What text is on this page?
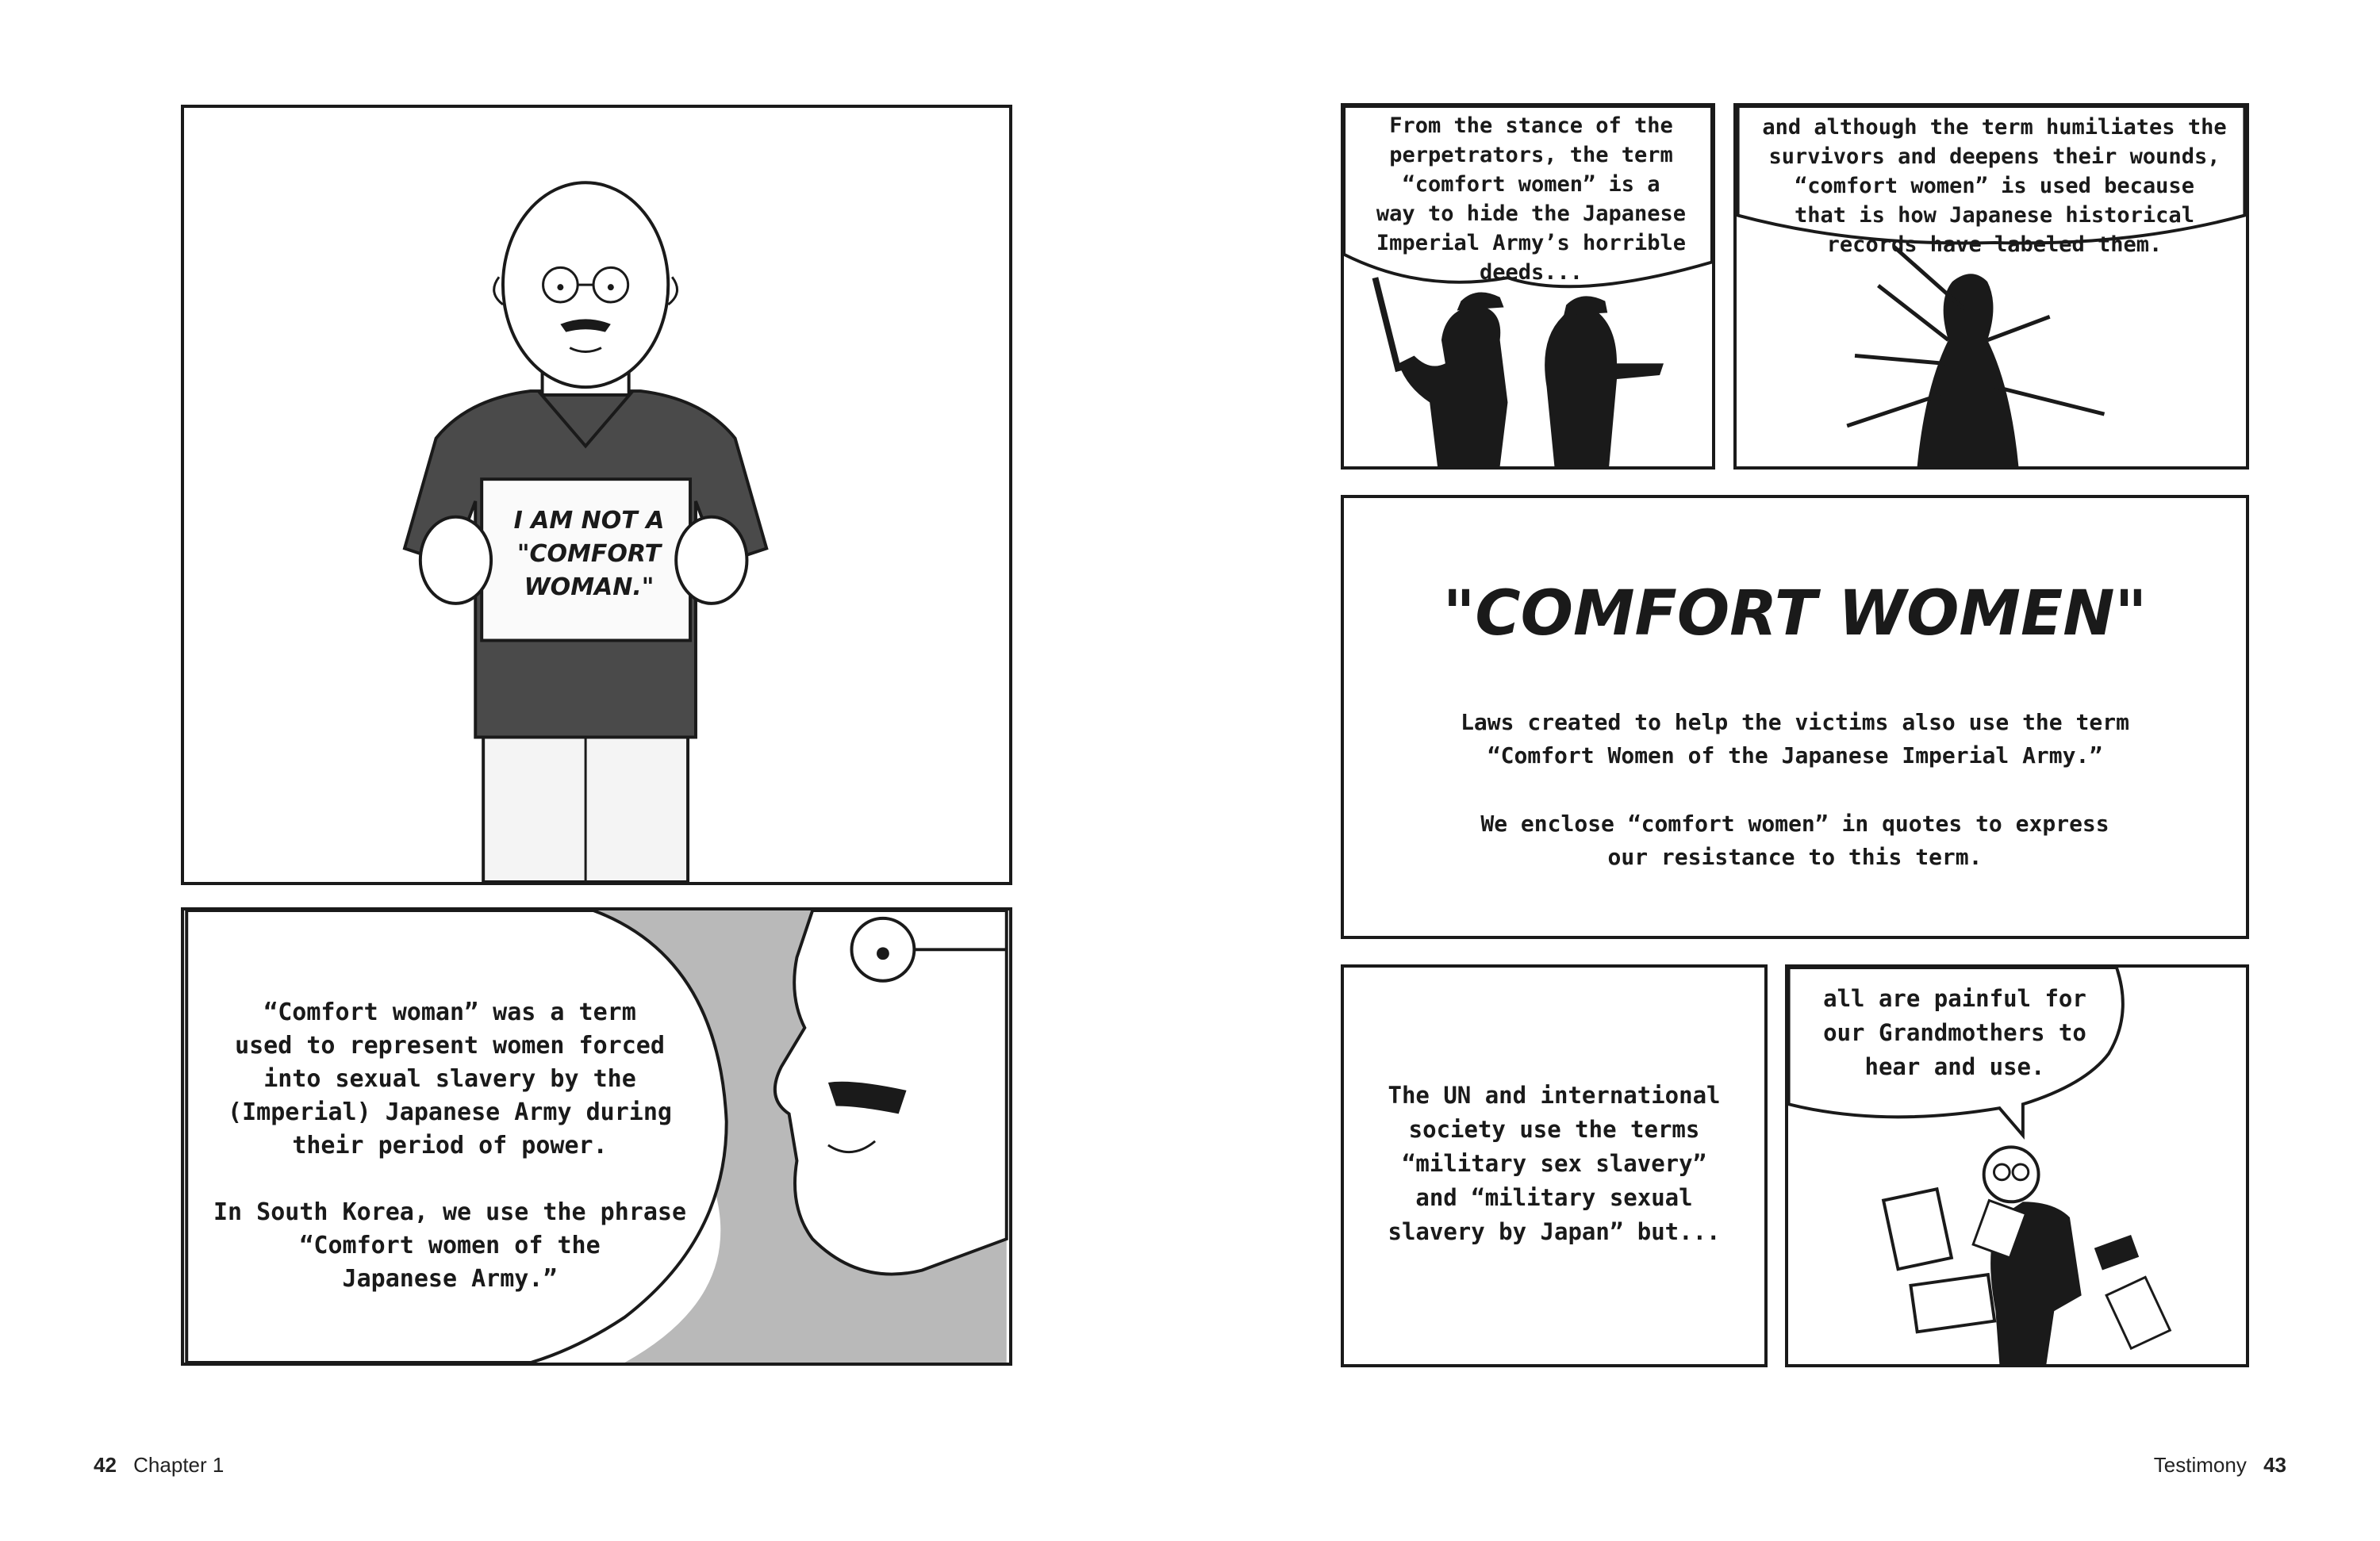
I AM NOT A
"COMFORT
WOMAN."
“Comfort woman” was a term
used to represent women forced
into sexual slavery by the
(Imperial) Japanese Army during
their period of power.

In South Korea, we use the phrase
“Comfort women of the
Japanese Army.”
From the stance of the
perpetrators, the term
“comfort women” is a
way to hide the Japanese
Imperial Army’s horrible
deeds...
and although the term humiliates the
survivors and deepens their wounds,
“comfort women” is used because
that is how Japanese historical
records have labeled them.
"COMFORT WOMEN"
Laws created to help the victims also use the term
“Comfort Women of the Japanese Imperial Army.”
We enclose “comfort women” in quotes to express
our resistance to this term.
The UN and international
society use the terms
“military sex slavery”
and “military sexual
slavery by Japan” but...
all are painful for
our Grandmothers to
hear and use.
42 Chapter 1	Testimony 43
